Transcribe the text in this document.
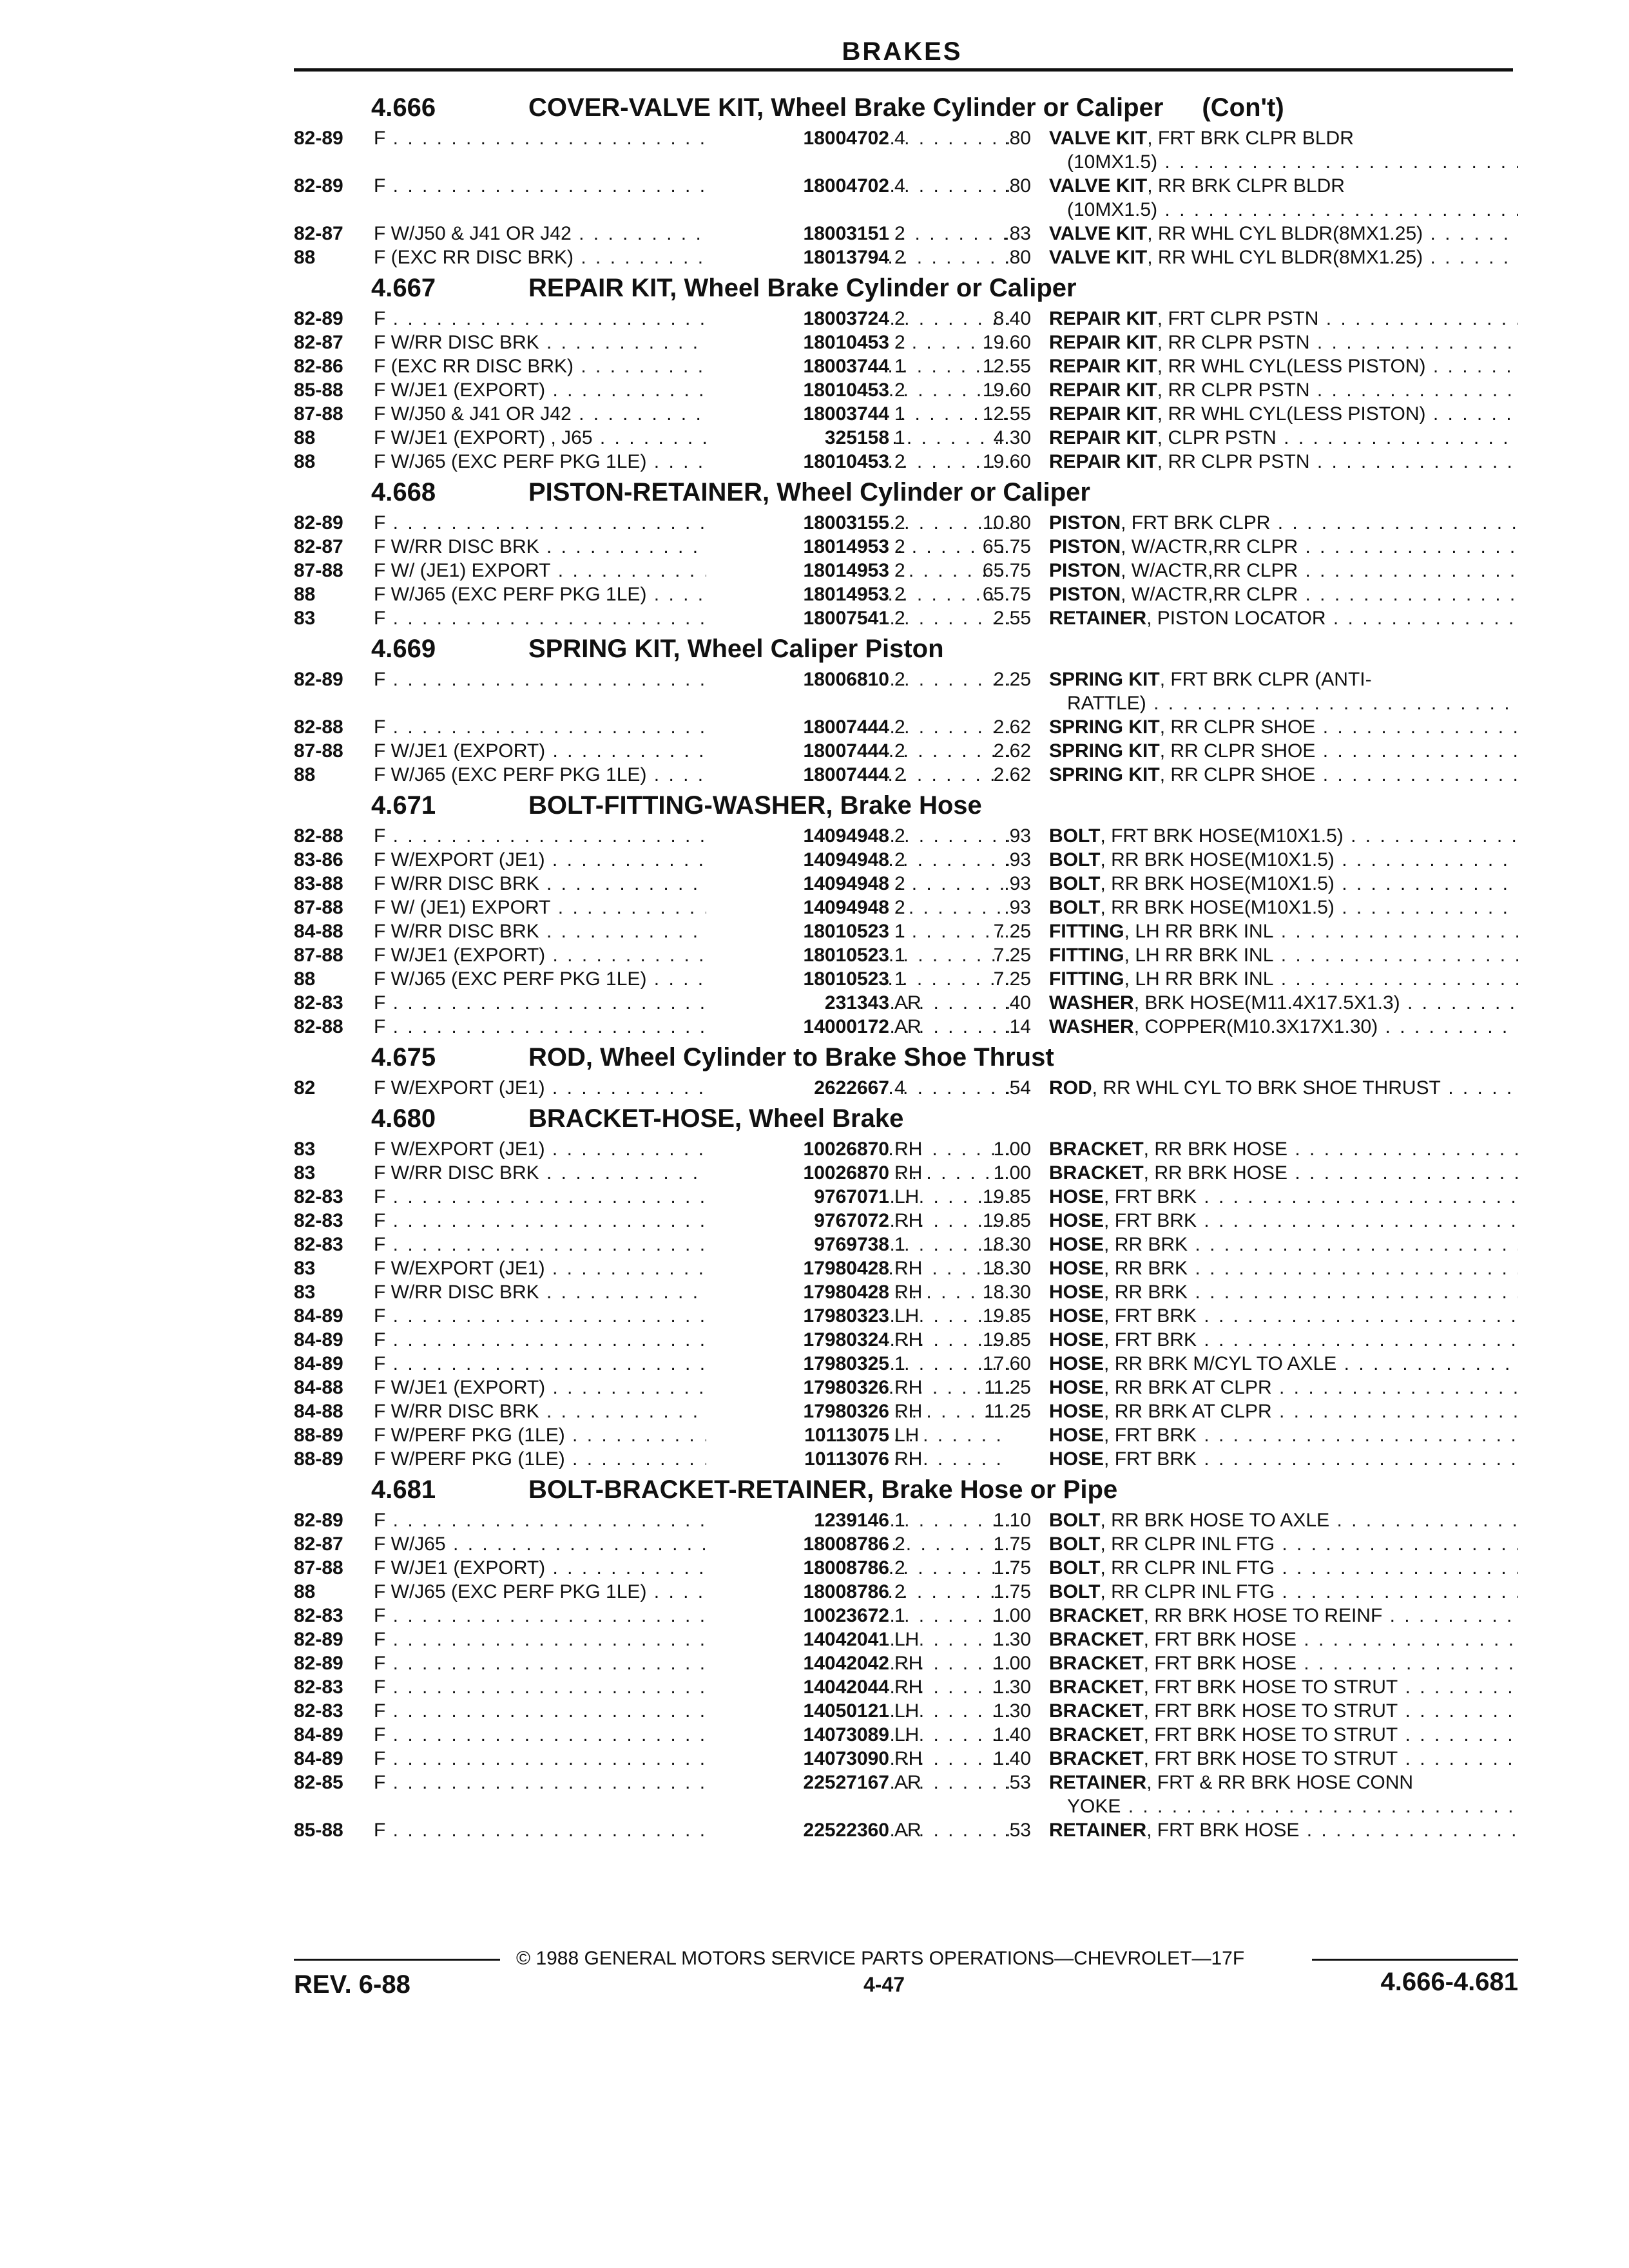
BRAKES
4.666	COVER-VALVE KIT, Wheel Brake Cylinder or Caliper (Con't)
82-89 F . . .	18004702 4	.80 VALVE KIT, FRT BRK CLPR BLDR
(10MX1.5) . . .
82-89 F . . .	18004702 4	.80 VALVE KIT, RR BRK CLPR BLDR
(10MX1.5) . . .
82-87 F W/J50 & J41 OR J42 . . .	18003151 2	.83 VALVE KIT, RR WHL CYL BLDR(8MX1.25) . . .
88	F (EXC RR DISC BRK) . . .	18013794 2	.80 VALVE KIT, RR WHL CYL BLDR(8MX1.25) . . .
4.667	REPAIR KIT, Wheel Brake Cylinder or Caliper
82-89 F . . .	18003724 2	8.40 REPAIR KIT, FRT CLPR PSTN . . .
82-87 F W/RR DISC BRK . . .	18010453 2	19.60 REPAIR KIT, RR CLPR PSTN . . .
82-86 F (EXC RR DISC BRK) . . .	18003744 1	12.55 REPAIR KIT, RR WHL CYL(LESS PISTON) . . .
85-88 F W/JE1 (EXPORT) . . .	18010453 2	19.60 REPAIR KIT, RR CLPR PSTN . . .
87-88 F W/J50 & J41 OR J42 . . .	18003744 1	12.55 REPAIR KIT, RR WHL CYL(LESS PISTON) . . .
88	F W/JE1 (EXPORT) , J65 . . .	325158 1	4.30 REPAIR KIT, CLPR PSTN . . .
88	F W/J65 (EXC PERF PKG 1LE) . . .	18010453 2	19.60 REPAIR KIT, RR CLPR PSTN . . .
4.668	PISTON-RETAINER, Wheel Cylinder or Caliper
82-89 F . . .	18003155 2	10.80 PISTON, FRT BRK CLPR . . .
82-87 F W/RR DISC BRK . . .	18014953 2	65.75 PISTON, W/ACTR,RR CLPR . . .
87-88 F W/ (JE1) EXPORT . . .	18014953 2	65.75 PISTON, W/ACTR,RR CLPR . . .
88	F W/J65 (EXC PERF PKG 1LE) . . .	18014953 2	65.75 PISTON, W/ACTR,RR CLPR . . .
83	F . . .	18007541 2	2.55 RETAINER, PISTON LOCATOR . . .
4.669	SPRING KIT, Wheel Caliper Piston
82-89 F . . .	18006810 2	2.25 SPRING KIT, FRT BRK CLPR (ANTI-
RATTLE) . . .
82-88 F . . .	18007444 2	2.62 SPRING KIT, RR CLPR SHOE . . .
87-88 F W/JE1 (EXPORT) . . .	18007444 2	2.62 SPRING KIT, RR CLPR SHOE . . .
88	F W/J65 (EXC PERF PKG 1LE) . . .	18007444 2	2.62 SPRING KIT, RR CLPR SHOE . . .
4.671	BOLT-FITTING-WASHER, Brake Hose
82-88 F . . .	14094948 2	.93 BOLT, FRT BRK HOSE(M10X1.5) . . .
83-86 F W/EXPORT (JE1) . . .	14094948 2	.93 BOLT, RR BRK HOSE(M10X1.5) . . .
83-88 F W/RR DISC BRK . . .	14094948 2	.93 BOLT, RR BRK HOSE(M10X1.5) . . .
87-88 F W/ (JE1) EXPORT . . .	14094948 2	.93 BOLT, RR BRK HOSE(M10X1.5) . . .
84-88 F W/RR DISC BRK . . .	18010523 1	7.25 FITTING, LH RR BRK INL . . .
87-88 F W/JE1 (EXPORT) . . .	18010523 1	7.25 FITTING, LH RR BRK INL . . .
88	F W/J65 (EXC PERF PKG 1LE) . . .	18010523 1	7.25 FITTING, LH RR BRK INL . . .
82-83 F . . .	231343 AR	.40 WASHER, BRK HOSE(M11.4X17.5X1.3) . . .
82-88 F . . .	14000172 AR	.14 WASHER, COPPER(M10.3X17X1.30) . . .
4.675	ROD, Wheel Cylinder to Brake Shoe Thrust
82	F W/EXPORT (JE1) . . .	2622667 4	.54 ROD, RR WHL CYL TO BRK SHOE THRUST . . .
4.680	BRACKET-HOSE, Wheel Brake
83	F W/EXPORT (JE1) . . .	10026870 RH	1.00 BRACKET, RR BRK HOSE . . .
83	F W/RR DISC BRK . . .	10026870 RH	1.00 BRACKET, RR BRK HOSE . . .
82-83 F . . .	9767071 LH	19.85 HOSE, FRT BRK . . .
82-83 F . . .	9767072 RH	19.85 HOSE, FRT BRK . . .
82-83 F . . .	9769738 1	18.30 HOSE, RR BRK . . .
83	F W/EXPORT (JE1) . . .	17980428 RH	18.30 HOSE, RR BRK . . .
83	F W/RR DISC BRK . . .	17980428 RH	18.30 HOSE, RR BRK . . .
84-89 F . . .	17980323 LH	19.85 HOSE, FRT BRK . . .
84-89 F . . .	17980324 RH	19.85 HOSE, FRT BRK . . .
84-89 F . . .	17980325 1	17.60 HOSE, RR BRK M/CYL TO AXLE . . .
84-88 F W/JE1 (EXPORT) . . .	17980326 RH	11.25 HOSE, RR BRK AT CLPR . . .
84-88 F W/RR DISC BRK . . .	17980326 RH	11.25 HOSE, RR BRK AT CLPR . . .
88-89 F W/PERF PKG (1LE) . . .	10113075 LH	HOSE, FRT BRK . . .
88-89 F W/PERF PKG (1LE) . . .	10113076 RH	HOSE, FRT BRK . . .
4.681	BOLT-BRACKET-RETAINER, Brake Hose or Pipe
82-89 F . . .	1239146 1	1.10 BOLT, RR BRK HOSE TO AXLE . . .
82-87 F W/J65 . . .	18008786 2	1.75 BOLT, RR CLPR INL FTG . . .
87-88 F W/JE1 (EXPORT) . . .	18008786 2	1.75 BOLT, RR CLPR INL FTG . . .
88	F W/J65 (EXC PERF PKG 1LE) . . .	18008786 2	1.75 BOLT, RR CLPR INL FTG . . .
82-83 F . . .	10023672 1	1.00 BRACKET, RR BRK HOSE TO REINF . . .
82-89 F . . .	14042041 LH	1.30 BRACKET, FRT BRK HOSE . . .
82-89 F . . .	14042042 RH	1.00 BRACKET, FRT BRK HOSE . . .
82-83 F . . .	14042044 RH	1.30 BRACKET, FRT BRK HOSE TO STRUT . . .
82-83 F . . .	14050121 LH	1.30 BRACKET, FRT BRK HOSE TO STRUT . . .
84-89 F . . .	14073089 LH	1.40 BRACKET, FRT BRK HOSE TO STRUT . . .
84-89 F . . .	14073090 RH	1.40 BRACKET, FRT BRK HOSE TO STRUT . . .
82-85 F . . .	22527167 AR	.53 RETAINER, FRT & RR BRK HOSE CONN
YOKE . . .
85-88 F . . .	22522360 AR	.53 RETAINER, FRT BRK HOSE . . .
© 1988 GENERAL MOTORS SERVICE PARTS OPERATIONS—CHEVROLET—17F
REV. 6-88	4-47	4.666-4.681
